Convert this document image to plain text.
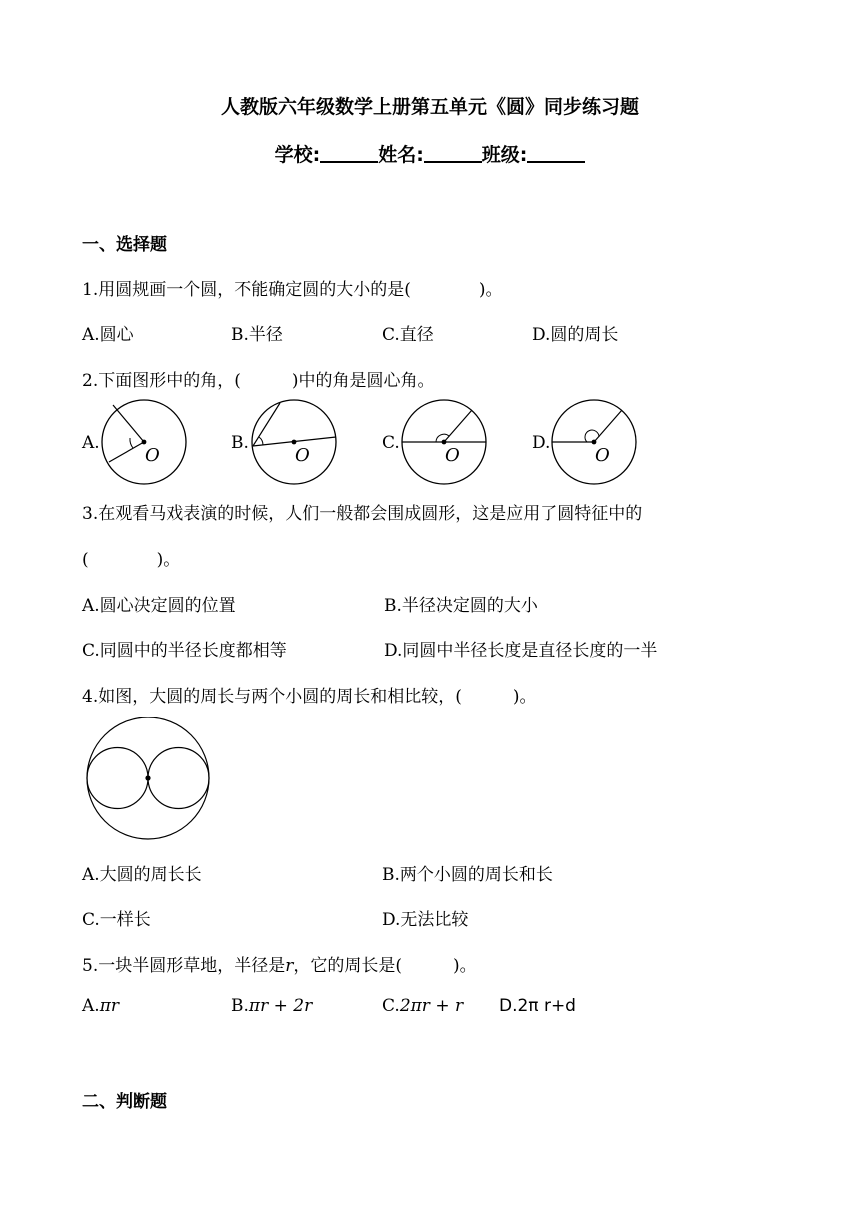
人教版六年级数学上册第五单元《圆》同步练习题
学校:	姓名:	班级:
一、选择题
1.用圆规画一个圆，不能确定圆的大小的是(　　　　)。
A.圆心	B.半径	C.直径	D.圆的周长
2.下面图形中的角，(　　　)中的角是圆心角。
A.
O
B.
O
C.
O
D.
O
3.在观看马戏表演的时候，人们一般都会围成圆形，这是应用了圆特征中的
(　　　　)。
A.圆心决定圆的位置	B.半径决定圆的大小
C.同圆中的半径长度都相等	D.同圆中半径长度是直径长度的一半
4.如图，大圆的周长与两个小圆的周长和相比较，(　　　)。
A.大圆的周长长	B.两个小圆的周长和长
C.一样长	D.无法比较
5.一块半圆形草地，半径是r，它的周长是(　　　)。
A.πr	B.πr + 2r	C.2πr + r D.2π r+d
二、判断题
